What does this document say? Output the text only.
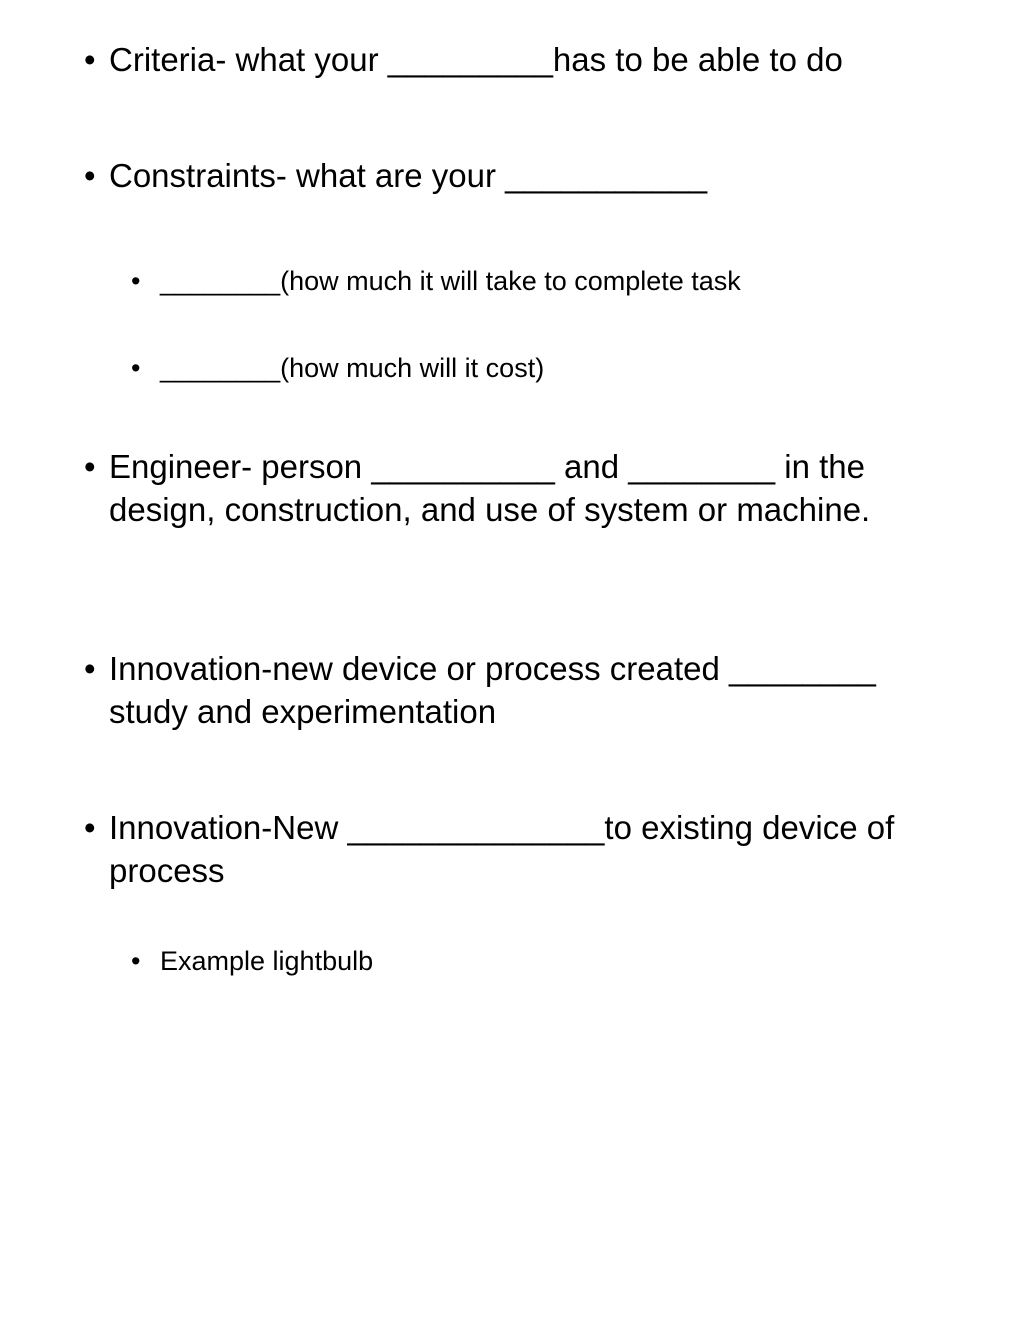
• Criteria- what your _________has to be able to do
• Constraints- what are your ___________
• ________(how much it will take to complete task
• ________(how much will it cost)
• Engineer- person __________ and ________ in the design, construction, and use of system or machine.
• Innovation-new device or process created ________ study and experimentation
• Innovation-New ______________to existing device of process
• Example lightbulb
